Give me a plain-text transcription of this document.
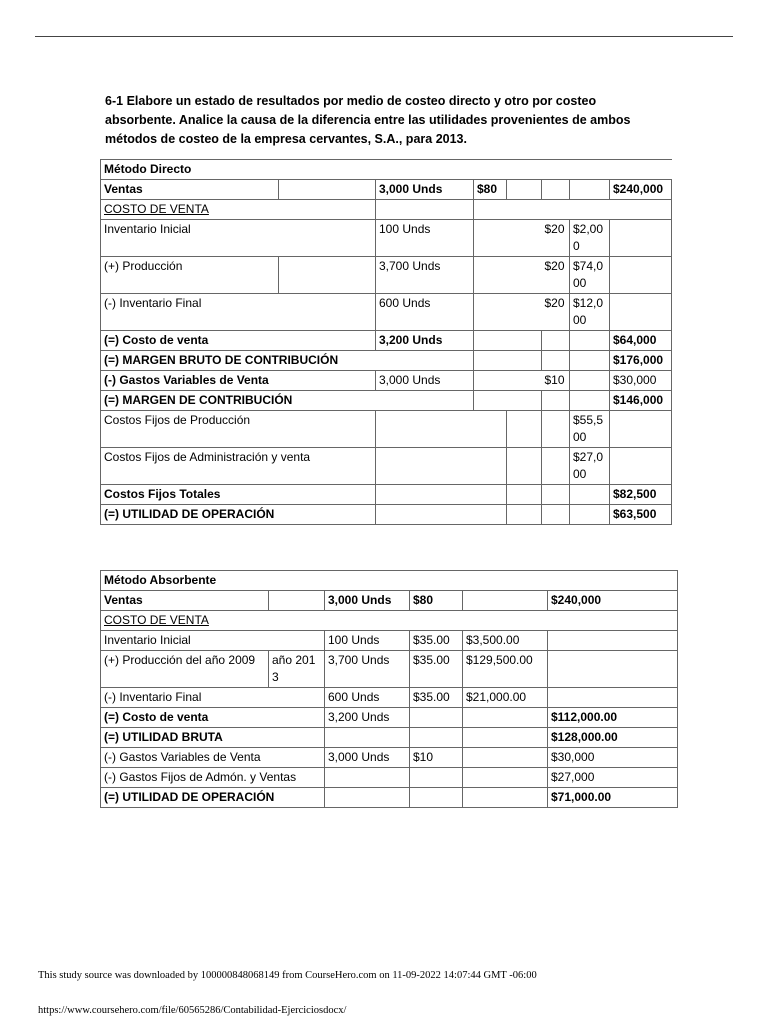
6-1 Elabore un estado de resultados por medio de costeo directo y otro por costeo absorbente. Analice la causa de la diferencia entre las utilidades provenientes de ambos métodos de costeo de la empresa cervantes, S.A., para 2013.
Método Directo							
Ventas		3,000 Unds	$80				$240,000
COSTO DE VENTA							
Inventario Inicial		100 Unds			$20	$2,000	
(+) Producción		3,700 Unds			$20	$74,000	
(-) Inventario Final		600 Unds			$20	$12,000	
(=) Costo de venta		3,200 Unds					$64,000
(=) MARGEN BRUTO DE CONTRIBUCIÓN							$176,000
(-) Gastos Variables de Venta		3,000 Unds			$10		$30,000
(=) MARGEN DE CONTRIBUCIÓN							$146,000
Costos Fijos de Producción						$55,500	
Costos Fijos de Administración y venta						$27,000	
Costos Fijos Totales							$82,500
(=) UTILIDAD DE OPERACIÓN							$63,500
Método Absorbente					
Ventas		3,000 Unds	$80		$240,000
COSTO DE VENTA					
Inventario Inicial		100 Unds	$35.00	$3,500.00	
(+) Producción del año 2009	año 2013	3,700 Unds	$35.00	$129,500.00	
(-) Inventario Final		600 Unds	$35.00	$21,000.00	
(=) Costo de venta		3,200 Unds			$112,000.00
(=) UTILIDAD BRUTA					$128,000.00
(-) Gastos Variables de Venta		3,000 Unds	$10		$30,000
(-) Gastos Fijos de Admón. y Ventas					$27,000
(=) UTILIDAD DE OPERACIÓN					$71,000.00
This study source was downloaded by 100000848068149 from CourseHero.com on 11-09-2022 14:07:44 GMT -06:00
https://www.coursehero.com/file/60565286/Contabilidad-Ejerciciosdocx/
